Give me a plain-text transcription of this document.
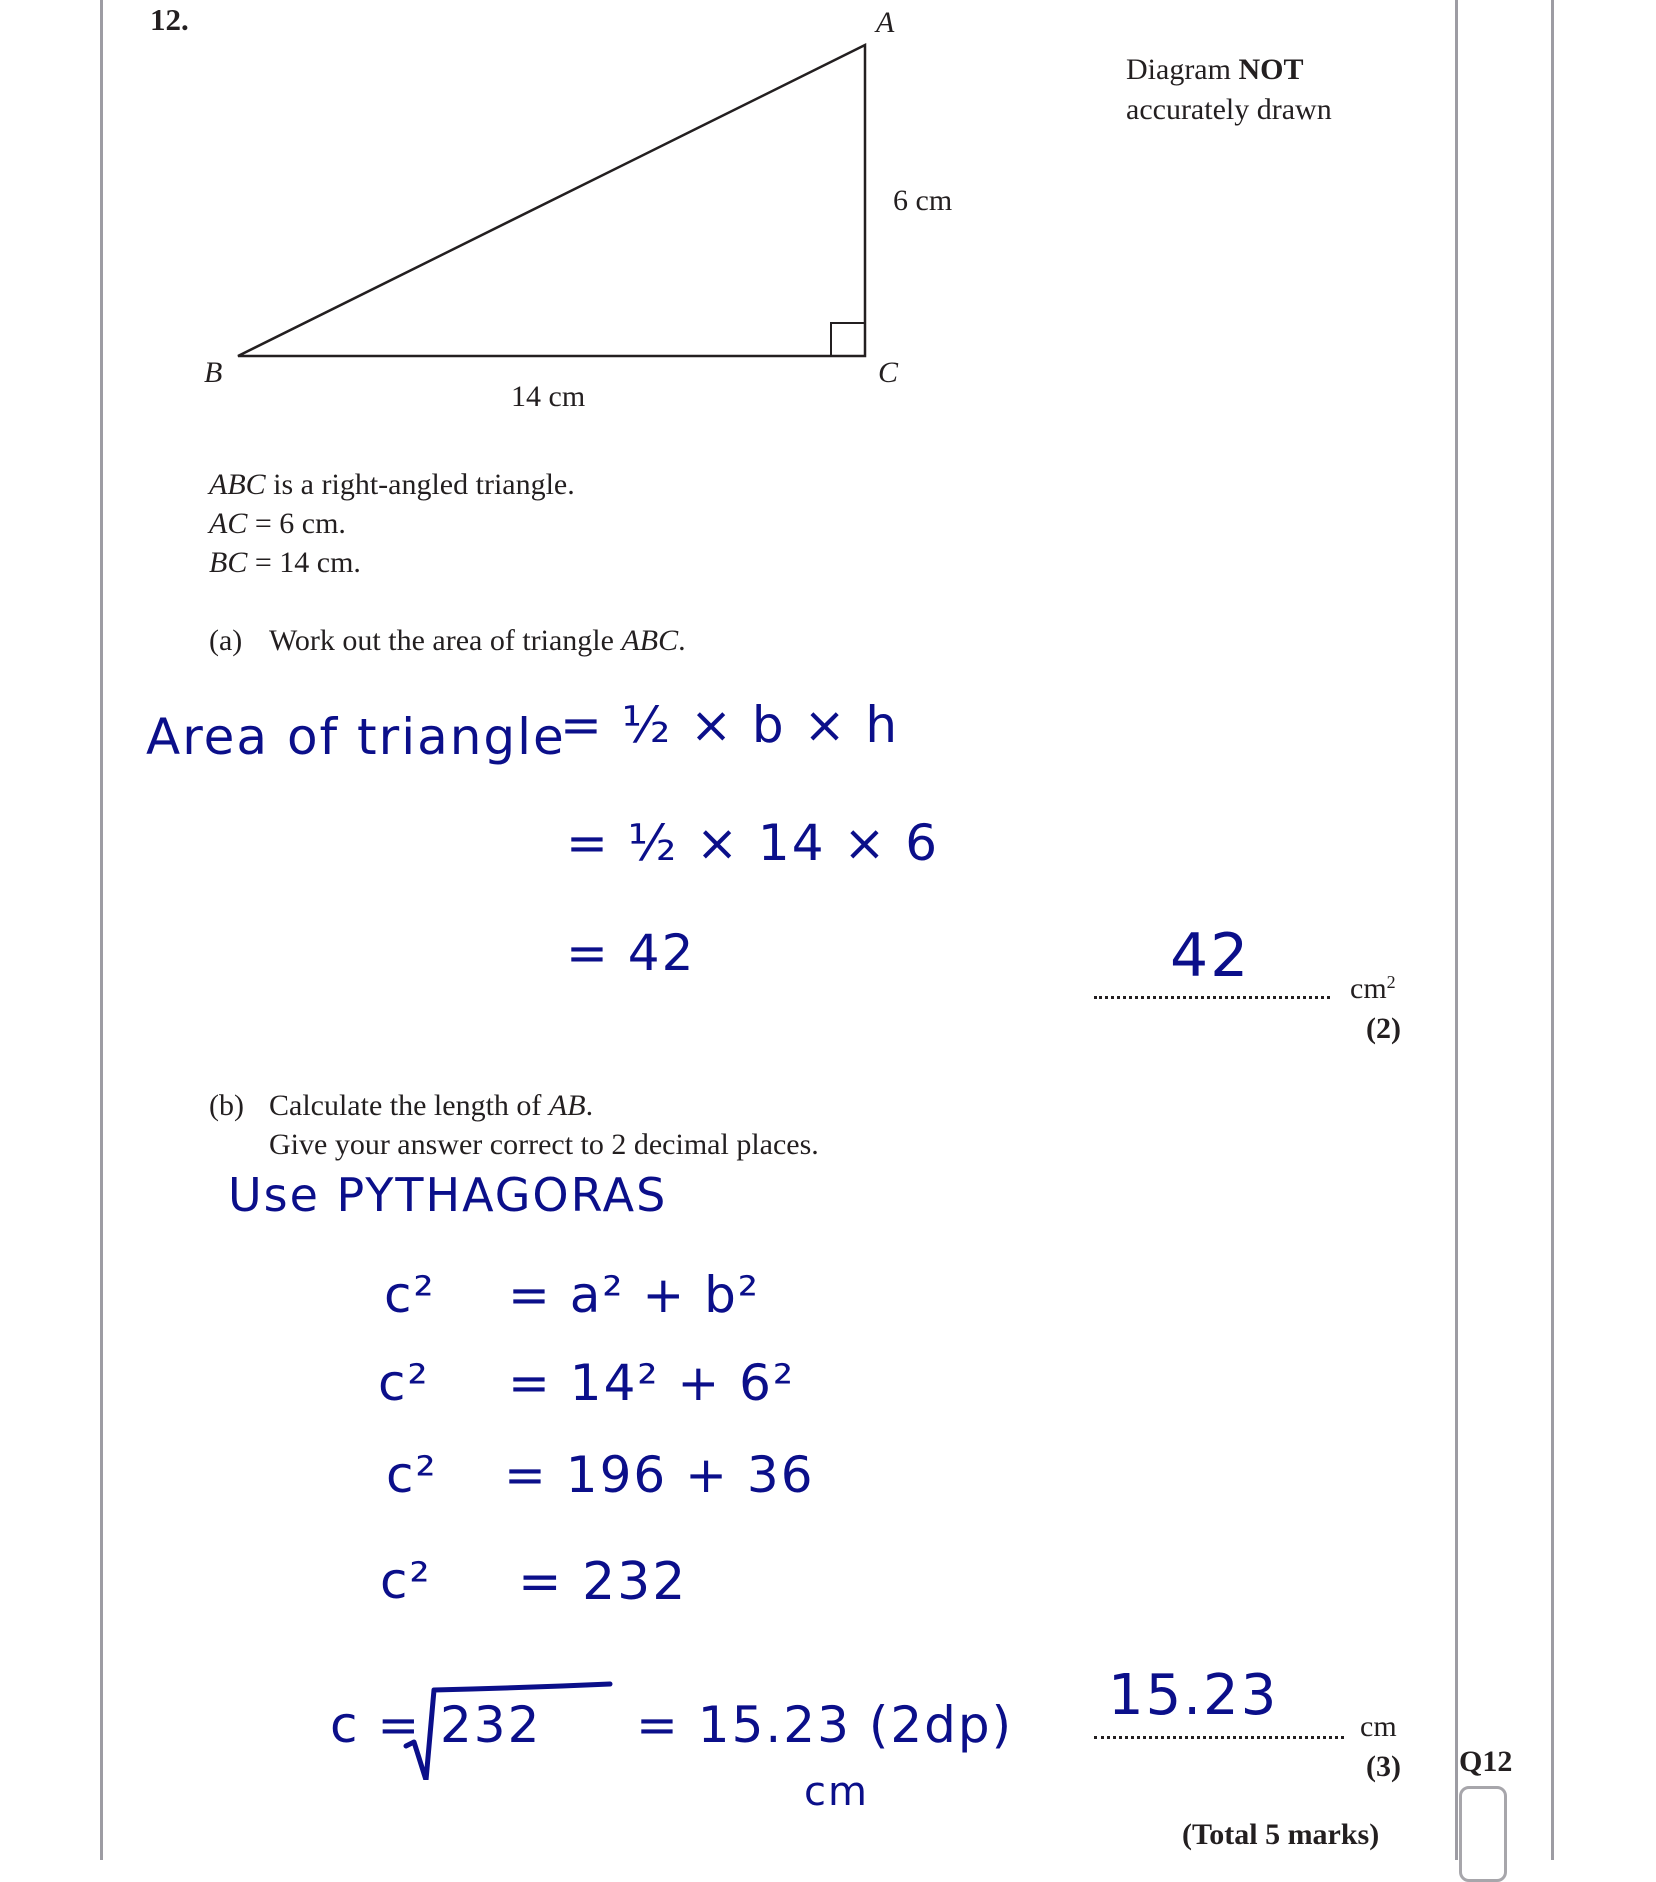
12.
Diagram NOT
accurately drawn
A
B	C
6 cm
14 cm
ABC is a right-angled triangle.
AC = 6 cm.
BC = 14 cm.
(a) Work out the area of triangle ABC.
Area of triangle
= ½ × b × h
= ½ × 14 × 6
= 42	42	$cm^2$
(2)
(b) Calculate the length of AB.
Give your answer correct to 2 decimal places.
Use PYTHAGORAS
c² = a² + b²
c² = 14² + 6²
c² = 196 + 36
c² = 232
c = 232 = 15.23 (2dp)
cm
15.23	cm
(3) Q12
(Total 5 marks)
